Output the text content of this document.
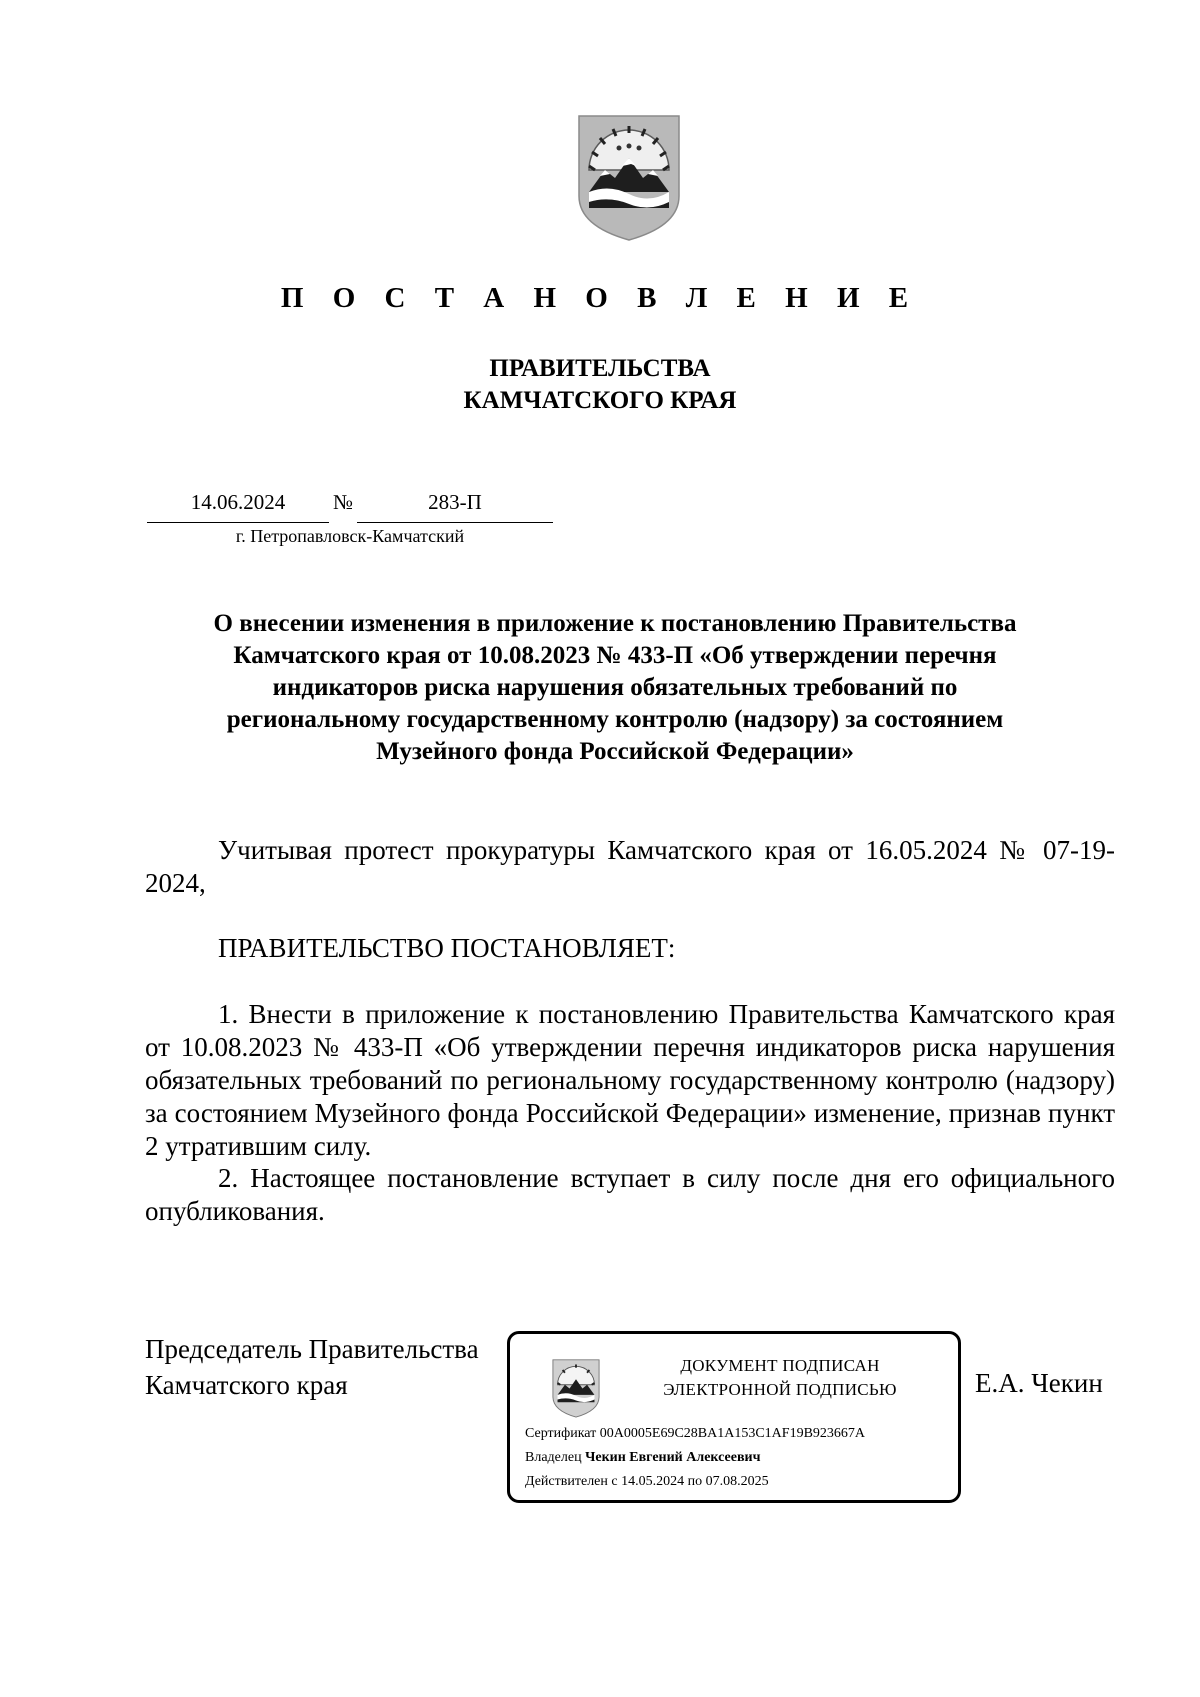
П О С Т А Н О В Л Е Н И Е
ПРАВИТЕЛЬСТВА
КАМЧАТСКОГО КРАЯ
14.06.2024	№	283-П
г. Петропавловск-Камчатский
О внесении изменения в приложение к постановлению Правительства
Камчатского края от 10.08.2023 № 433-П «Об утверждении перечня
индикаторов риска нарушения обязательных требований по
региональному государственному контролю (надзору) за состоянием
Музейного фонда Российской Федерации»
Учитывая протест прокуратуры Камчатского края от 16.05.2024 № 07-19-2024,
ПРАВИТЕЛЬСТВО ПОСТАНОВЛЯЕТ:
1. Внести в приложение к постановлению Правительства Камчатского края от 10.08.2023 № 433-П «Об утверждении перечня индикаторов риска нарушения обязательных требований по региональному государственному контролю (надзору) за состоянием Музейного фонда Российской Федерации» изменение, признав пункт 2 утратившим силу.
2. Настоящее постановление вступает в силу после дня его официального опубликования.
Председатель Правительства
Камчатского края
ДОКУМЕНТ ПОДПИСАН
ЭЛЕКТРОННОЙ ПОДПИСЬЮ
Сертификат 00A0005E69C28BA1A153C1AF19B923667A
Владелец Чекин Евгений Алексеевич
Действителен с 14.05.2024 по 07.08.2025
Е.А. Чекин
